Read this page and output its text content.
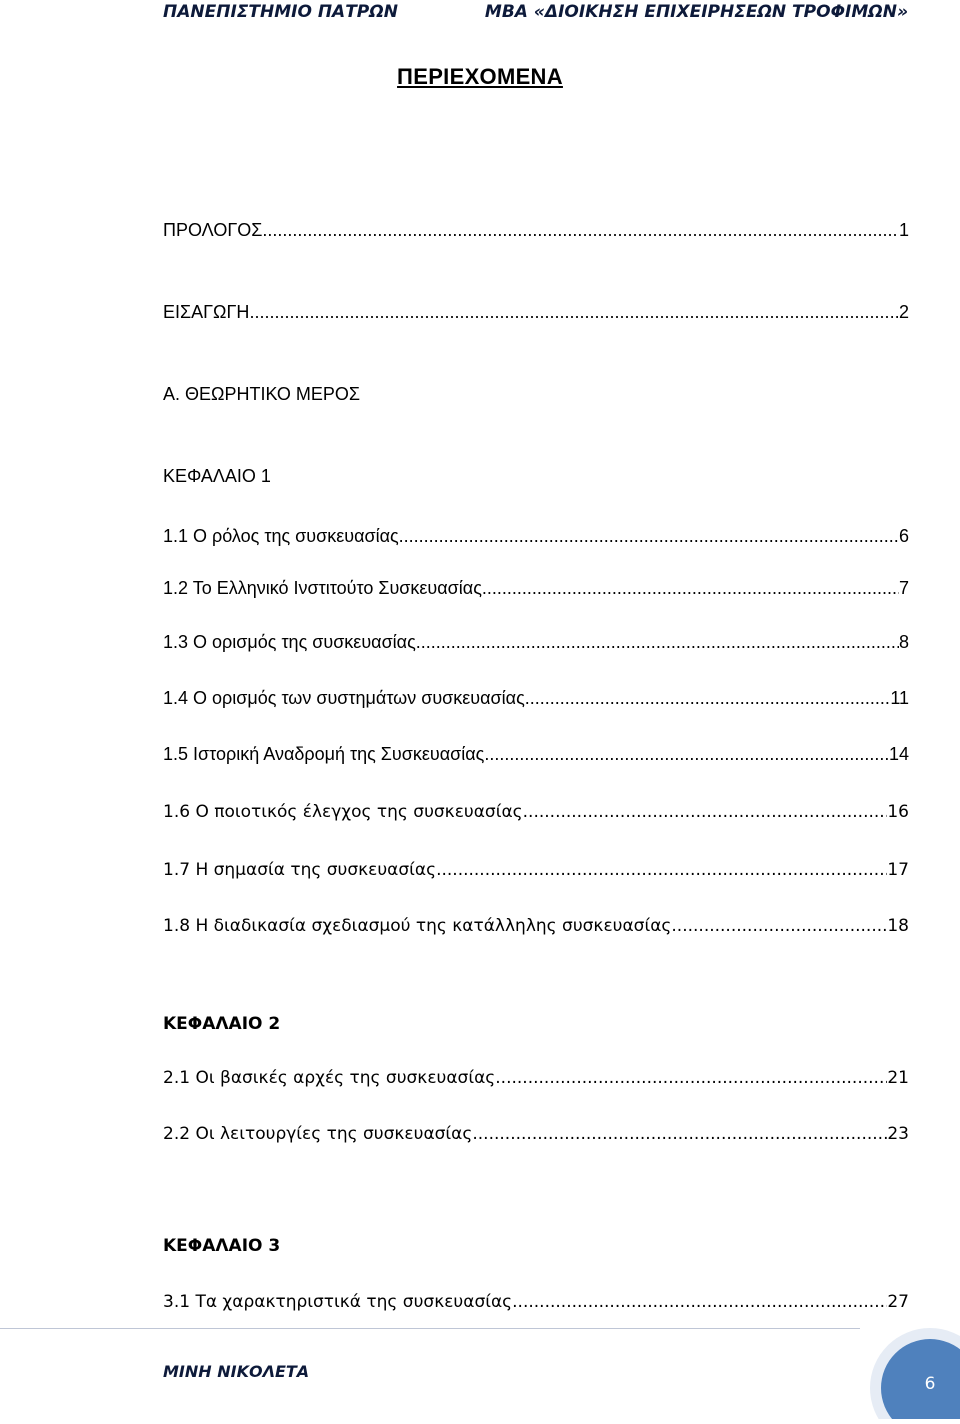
ΠΑΝΕΠΙΣΤΗΜΙΟ ΠΑΤΡΩΝ	ΜΒΑ «ΔΙΟΙΚΗΣΗ ΕΠΙΧΕΙΡΗΣΕΩΝ ΤΡΟΦΙΜΩΝ»
ΠΕΡΙΕΧΟΜΕΝΑ
ΠΡΟΛΟΓΟΣ .....	1
ΕΙΣΑΓΩΓΗ .....	2
Α. ΘΕΩΡΗΤΙΚΟ ΜΕΡΟΣ
ΚΕΦΑΛΑΙΟ 1
1.1 Ο ρόλος της συσκευασίας .....	6
1.2 Το Ελληνικό Ινστιτούτο Συσκευασίας .....	7
1.3 Ο ορισμός της συσκευασίας .....	8
1.4 Ο ορισμός των συστημάτων συσκευασίας .....	11
1.5 Ιστορική Αναδρομή της Συσκευασίας .....	14
1.6 Ο ποιοτικός έλεγχος της συσκευασίας .....	16
1.7 Η σημασία της συσκευασίας .....	17
1.8 Η διαδικασία σχεδιασμού της κατάλληλης συσκευασίας .....	18
ΚΕΦΑΛΑΙΟ 2
2.1 Οι βασικές αρχές της συσκευασίας .....	21
2.2 Οι λειτουργίες της συσκευασίας .....	23
ΚΕΦΑΛΑΙΟ 3
3.1 Τα χαρακτηριστικά της συσκευασίας .....	27
ΜΙΝΗ ΝΙΚΟΛΕΤΑ
6
